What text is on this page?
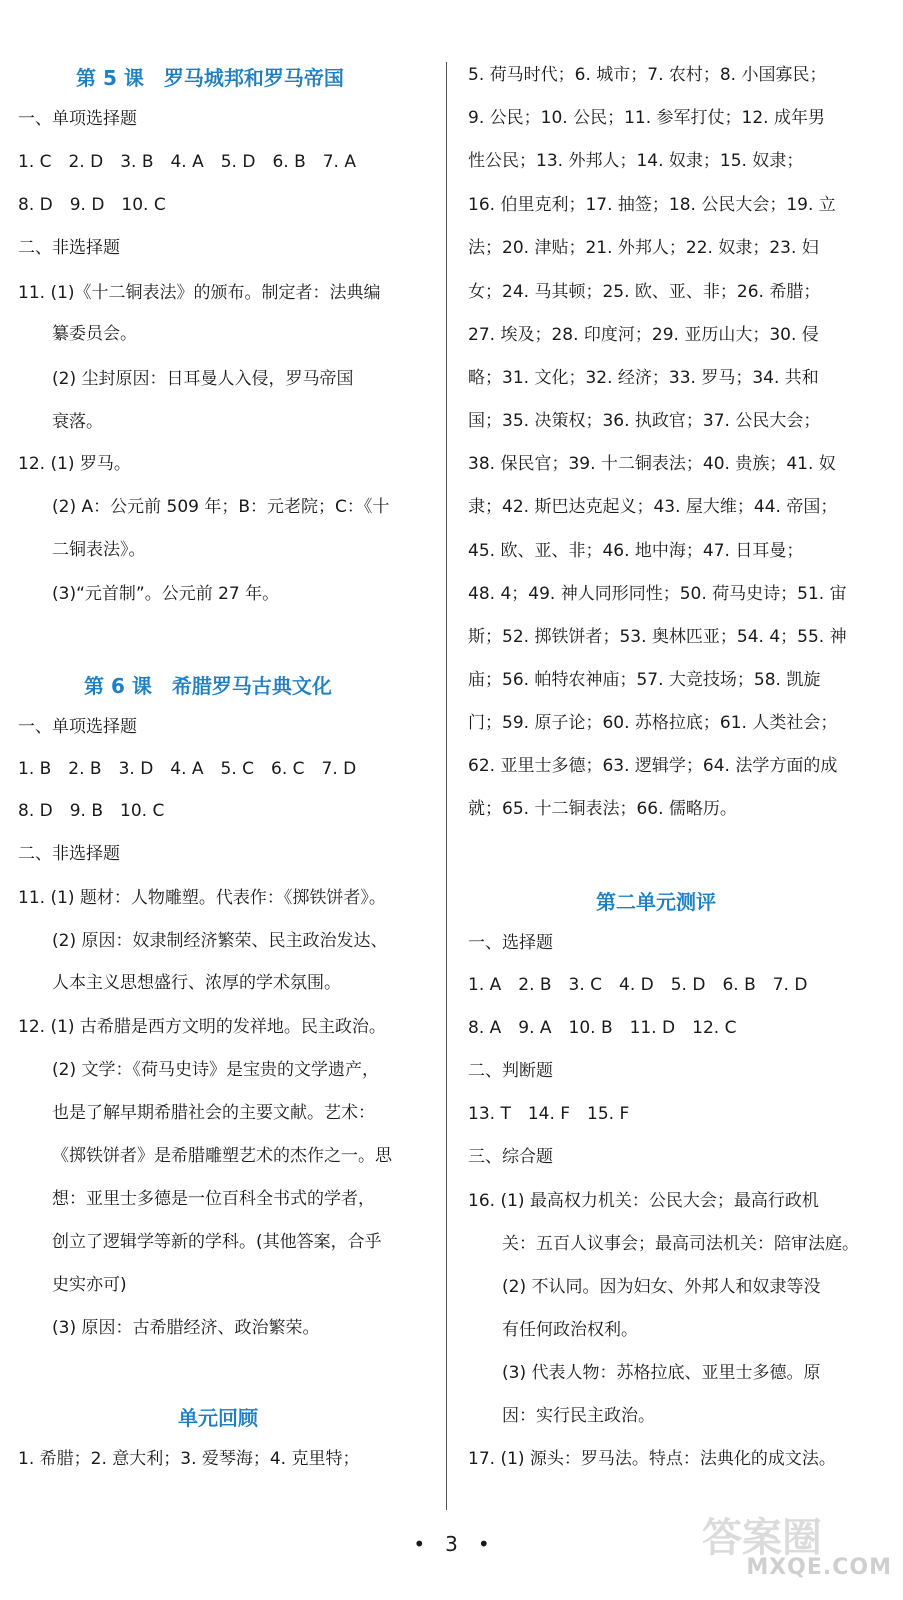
第 5 课　罗马城邦和罗马帝国
一、单项选择题
1. C　2. D　3. B　4. A　5. D　6. B　7. A
8. D　9. D　10. C
二、非选择题
11. (1)《十二铜表法》的颁布。制定者：法典编
纂委员会。
(2) 尘封原因：日耳曼人入侵，罗马帝国
衰落。
12. (1) 罗马。
(2) A：公元前 509 年；B：元老院；C：《十
二铜表法》。
(3)“元首制”。公元前 27 年。
第 6 课　希腊罗马古典文化
一、单项选择题
1. B　2. B　3. D　4. A　5. C　6. C　7. D
8. D　9. B　10. C
二、非选择题
11. (1) 题材：人物雕塑。代表作：《掷铁饼者》。
(2) 原因：奴隶制经济繁荣、民主政治发达、
人本主义思想盛行、浓厚的学术氛围。
12. (1) 古希腊是西方文明的发祥地。民主政治。
(2) 文学：《荷马史诗》是宝贵的文学遗产，
也是了解早期希腊社会的主要文献。艺术：
《掷铁饼者》是希腊雕塑艺术的杰作之一。思
想：亚里士多德是一位百科全书式的学者，
创立了逻辑学等新的学科。(其他答案，合乎
史实亦可)
(3) 原因：古希腊经济、政治繁荣。
单元回顾
1. 希腊；2. 意大利；3. 爱琴海；4. 克里特；
5. 荷马时代；6. 城市；7. 农村；8. 小国寡民；
9. 公民；10. 公民；11. 参军打仗；12. 成年男
性公民；13. 外邦人；14. 奴隶；15. 奴隶；
16. 伯里克利；17. 抽签；18. 公民大会；19. 立
法；20. 津贴；21. 外邦人；22. 奴隶；23. 妇
女；24. 马其顿；25. 欧、亚、非；26. 希腊；
27. 埃及；28. 印度河；29. 亚历山大；30. 侵
略；31. 文化；32. 经济；33. 罗马；34. 共和
国；35. 决策权；36. 执政官；37. 公民大会；
38. 保民官；39. 十二铜表法；40. 贵族；41. 奴
隶；42. 斯巴达克起义；43. 屋大维；44. 帝国；
45. 欧、亚、非；46. 地中海；47. 日耳曼；
48. 4；49. 神人同形同性；50. 荷马史诗；51. 宙
斯；52. 掷铁饼者；53. 奥林匹亚；54. 4；55. 神
庙；56. 帕特农神庙；57. 大竞技场；58. 凯旋
门；59. 原子论；60. 苏格拉底；61. 人类社会；
62. 亚里士多德；63. 逻辑学；64. 法学方面的成
就；65. 十二铜表法；66. 儒略历。
第二单元测评
一、选择题
1. A　2. B　3. C　4. D　5. D　6. B　7. D
8. A　9. A　10. B　11. D　12. C
二、判断题
13. T　14. F　15. F
三、综合题
16. (1) 最高权力机关：公民大会；最高行政机
关：五百人议事会；最高司法机关：陪审法庭。
(2) 不认同。因为妇女、外邦人和奴隶等没
有任何政治权利。
(3) 代表人物：苏格拉底、亚里士多德。原
因：实行民主政治。
17. (1) 源头：罗马法。特点：法典化的成文法。
•　3　•	答案圈
MXQE.COM
